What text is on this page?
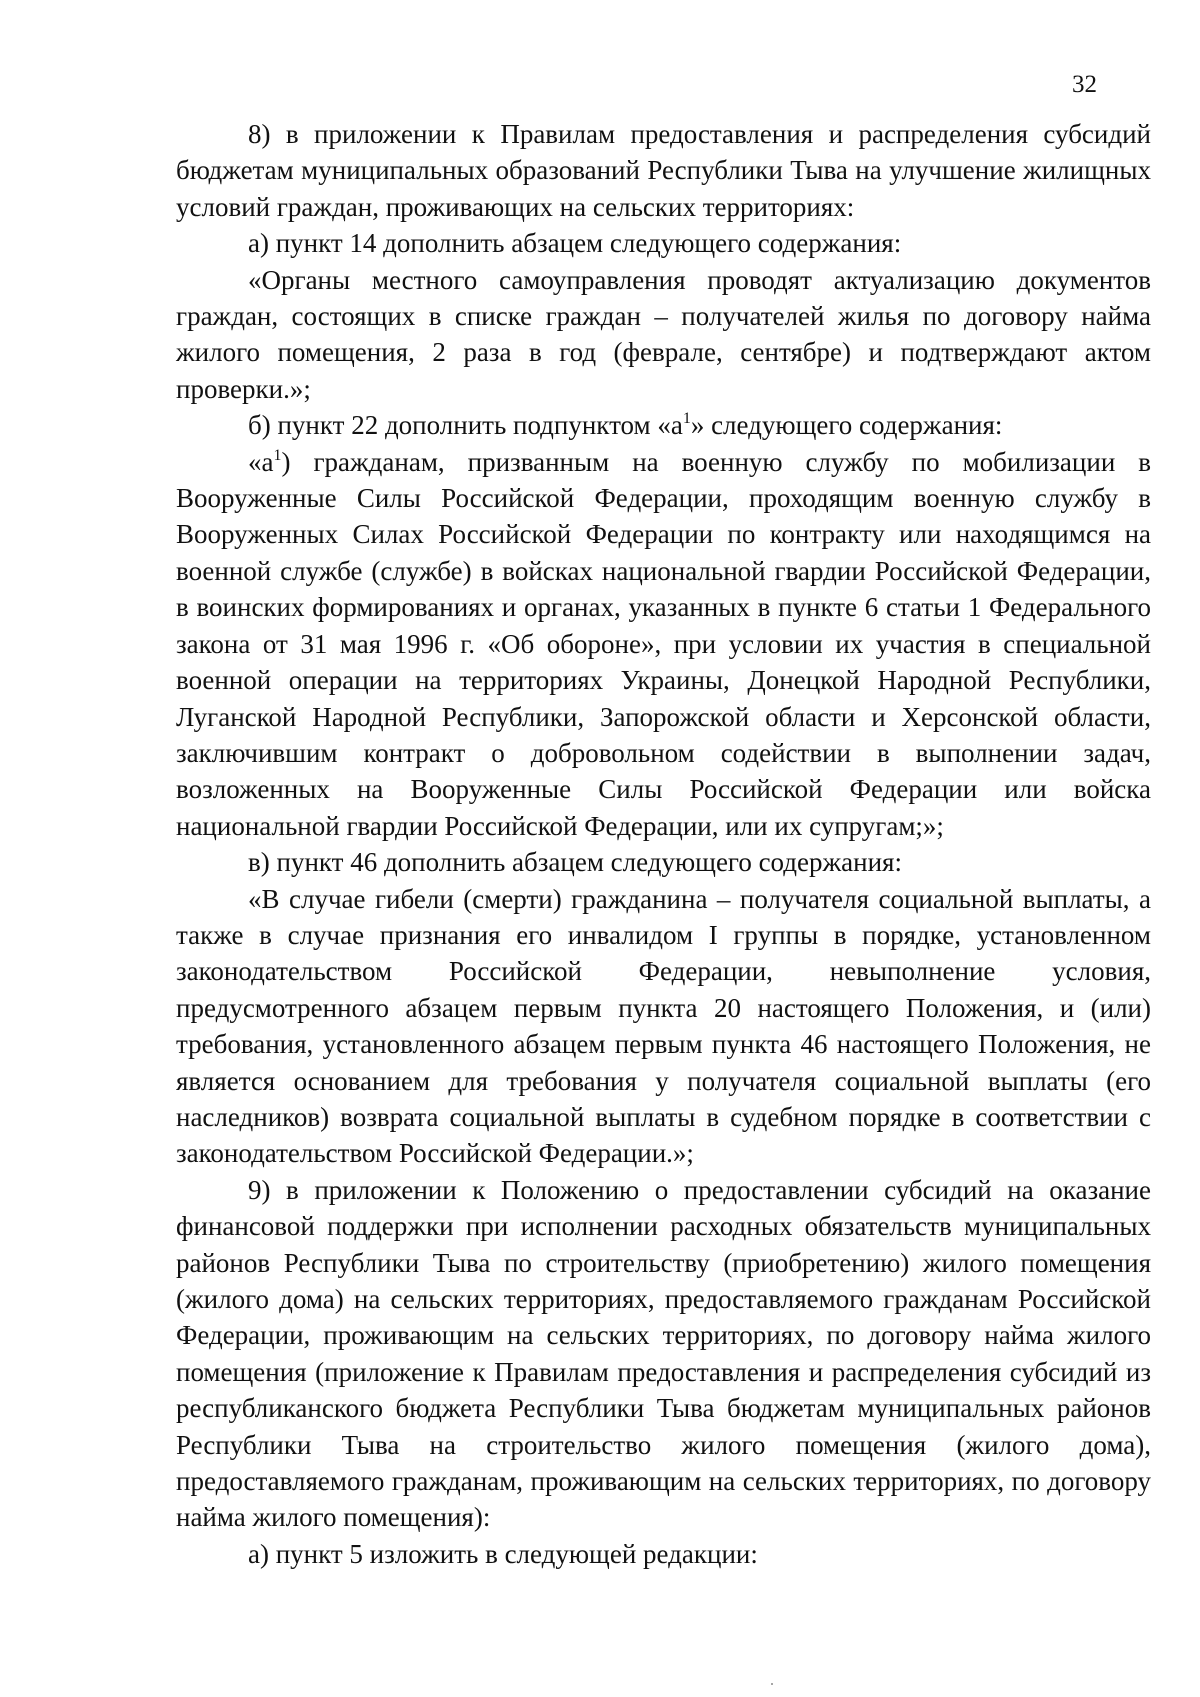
32

8) в приложении к Правилам предоставления и распределения субсидий бюджетам муниципальных образований Республики Тыва на улучшение жилищных условий граждан, проживающих на сельских территориях:

а) пункт 14 дополнить абзацем следующего содержания:

«Органы местного самоуправления проводят актуализацию документов граждан, состоящих в списке граждан – получателей жилья по договору найма жилого помещения, 2 раза в год (феврале, сентябре) и подтверждают актом проверки.»;

б) пункт 22 дополнить подпунктом «$а^1$» следующего содержания:

«$а^1$) гражданам, призванным на военную службу по мобилизации в Вооруженные Силы Российской Федерации, проходящим военную службу в Вооруженных Силах Российской Федерации по контракту или находящимся на военной службе (службе) в войсках национальной гвардии Российской Федерации, в воинских формированиях и органах, указанных в пункте 6 статьи 1 Федерального закона от 31 мая 1996 г. «Об обороне», при условии их участия в специальной военной операции на территориях Украины, Донецкой Народной Республики, Луганской Народной Республики, Запорожской области и Херсонской области, заключившим контракт о добровольном содействии в выполнении задач, возложенных на Вооруженные Силы Российской Федерации или войска национальной гвардии Российской Федерации, или их супругам;»;

в) пункт 46 дополнить абзацем следующего содержания:

«В случае гибели (смерти) гражданина – получателя социальной выплаты, а также в случае признания его инвалидом I группы в порядке, установленном законодательством Российской Федерации, невыполнение условия, предусмотренного абзацем первым пункта 20 настоящего Положения, и (или) требования, установленного абзацем первым пункта 46 настоящего Положения, не является основанием для требования у получателя социальной выплаты (его наследников) возврата социальной выплаты в судебном порядке в соответствии с законодательством Российской Федерации.»;

9) в приложении к Положению о предоставлении субсидий на оказание финансовой поддержки при исполнении расходных обязательств муниципальных районов Республики Тыва по строительству (приобретению) жилого помещения (жилого дома) на сельских территориях, предоставляемого гражданам Российской Федерации, проживающим на сельских территориях, по договору найма жилого помещения (приложение к Правилам предоставления и распределения субсидий из республиканского бюджета Республики Тыва бюджетам муниципальных районов Республики Тыва на строительство жилого помещения (жилого дома), предоставляемого гражданам, проживающим на сельских территориях, по договору найма жилого помещения):

а) пункт 5 изложить в следующей редакции:
